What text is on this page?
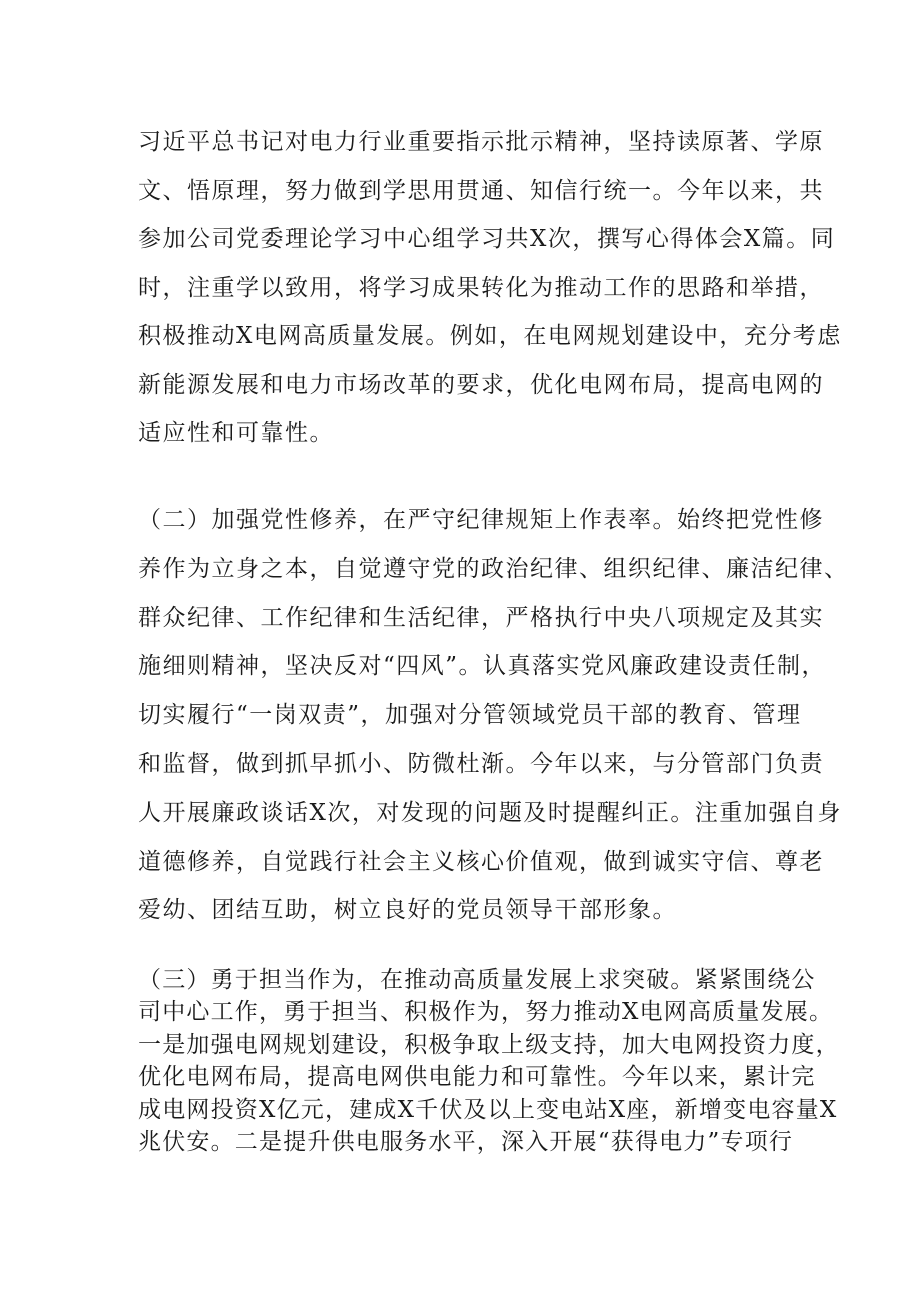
习近平总书记对电力行业重要指示批示精神，坚持读原著、学原
文、悟原理，努力做到学思用贯通、知信行统一。今年以来，共
参加公司党委理论学习中心组学习共X次，撰写心得体会X篇。同
时，注重学以致用，将学习成果转化为推动工作的思路和举措，
积极推动X电网高质量发展。例如，在电网规划建设中，充分考虑
新能源发展和电力市场改革的要求，优化电网布局，提高电网的
适应性和可靠性。
（二）加强党性修养，在严守纪律规矩上作表率。始终把党性修
养作为立身之本，自觉遵守党的政治纪律、组织纪律、廉洁纪律、
群众纪律、工作纪律和生活纪律，严格执行中央八项规定及其实
施细则精神，坚决反对“四风”。认真落实党风廉政建设责任制，
切实履行“一岗双责”，加强对分管领域党员干部的教育、管理
和监督，做到抓早抓小、防微杜渐。今年以来，与分管部门负责
人开展廉政谈话X次，对发现的问题及时提醒纠正。注重加强自身
道德修养，自觉践行社会主义核心价值观，做到诚实守信、尊老
爱幼、团结互助，树立良好的党员领导干部形象。
（三）勇于担当作为，在推动高质量发展上求突破。紧紧围绕公
司中心工作，勇于担当、积极作为，努力推动X电网高质量发展。
一是加强电网规划建设，积极争取上级支持，加大电网投资力度，
优化电网布局，提高电网供电能力和可靠性。今年以来，累计完
成电网投资X亿元，建成X千伏及以上变电站X座，新增变电容量X
兆伏安。二是提升供电服务水平，深入开展“获得电力”专项行
